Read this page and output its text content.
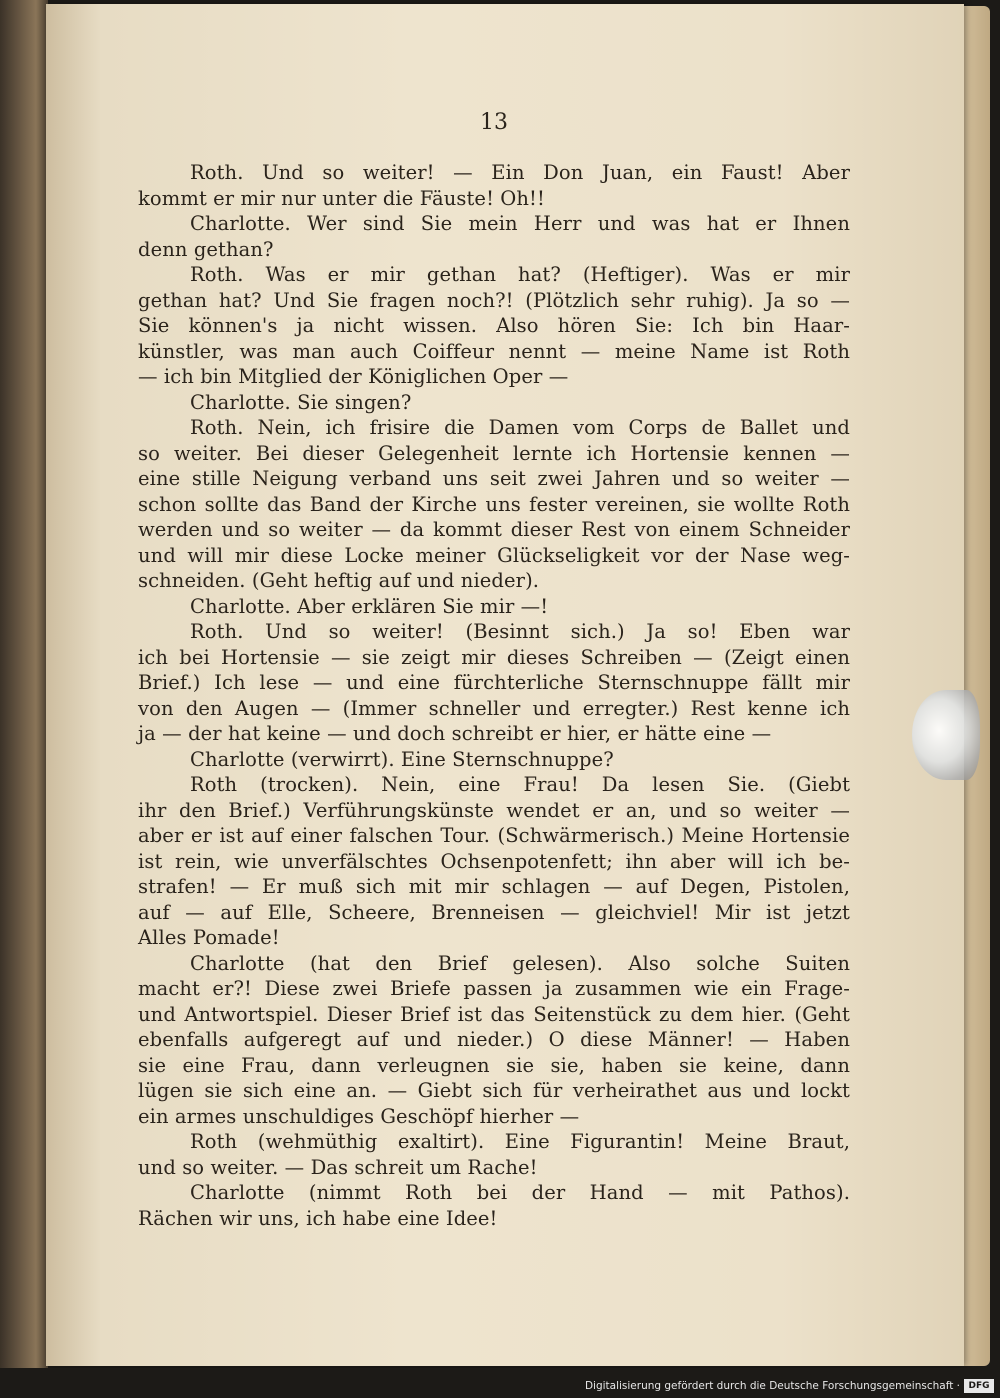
13
Roth. Und so weiter! — Ein Don Juan, ein Faust! Aber
kommt er mir nur unter die Fäuste! Oh!!
Charlotte. Wer sind Sie mein Herr und was hat er Ihnen
denn gethan?
Roth. Was er mir gethan hat? (Heftiger). Was er mir
gethan hat? Und Sie fragen noch?! (Plötzlich sehr ruhig). Ja so —
Sie können's ja nicht wissen. Also hören Sie: Ich bin Haar-
künstler, was man auch Coiffeur nennt — meine Name ist Roth
— ich bin Mitglied der Königlichen Oper —
Charlotte. Sie singen?
Roth. Nein, ich frisire die Damen vom Corps de Ballet und
so weiter. Bei dieser Gelegenheit lernte ich Hortensie kennen —
eine stille Neigung verband uns seit zwei Jahren und so weiter —
schon sollte das Band der Kirche uns fester vereinen, sie wollte Roth
werden und so weiter — da kommt dieser Rest von einem Schneider
und will mir diese Locke meiner Glückseligkeit vor der Nase weg-
schneiden. (Geht heftig auf und nieder).
Charlotte. Aber erklären Sie mir —!
Roth. Und so weiter! (Besinnt sich.) Ja so! Eben war
ich bei Hortensie — sie zeigt mir dieses Schreiben — (Zeigt einen
Brief.) Ich lese — und eine fürchterliche Sternschnuppe fällt mir
von den Augen — (Immer schneller und erregter.) Rest kenne ich
ja — der hat keine — und doch schreibt er hier, er hätte eine —
Charlotte (verwirrt). Eine Sternschnuppe?
Roth (trocken). Nein, eine Frau! Da lesen Sie. (Giebt
ihr den Brief.) Verführungskünste wendet er an, und so weiter —
aber er ist auf einer falschen Tour. (Schwärmerisch.) Meine Hortensie
ist rein, wie unverfälschtes Ochsenpotenfett; ihn aber will ich be-
strafen! — Er muß sich mit mir schlagen — auf Degen, Pistolen,
auf — auf Elle, Scheere, Brenneisen — gleichviel! Mir ist jetzt
Alles Pomade!
Charlotte (hat den Brief gelesen). Also solche Suiten
macht er?! Diese zwei Briefe passen ja zusammen wie ein Frage-
und Antwortspiel. Dieser Brief ist das Seitenstück zu dem hier. (Geht
ebenfalls aufgeregt auf und nieder.) O diese Männer! — Haben
sie eine Frau, dann verleugnen sie sie, haben sie keine, dann
lügen sie sich eine an. — Giebt sich für verheirathet aus und lockt
ein armes unschuldiges Geschöpf hierher —
Roth (wehmüthig exaltirt). Eine Figurantin! Meine Braut,
und so weiter. — Das schreit um Rache!
Charlotte (nimmt Roth bei der Hand — mit Pathos).
Rächen wir uns, ich habe eine Idee!
Digitalisierung gefördert durch die Deutsche Forschungsgemeinschaft · DFG
